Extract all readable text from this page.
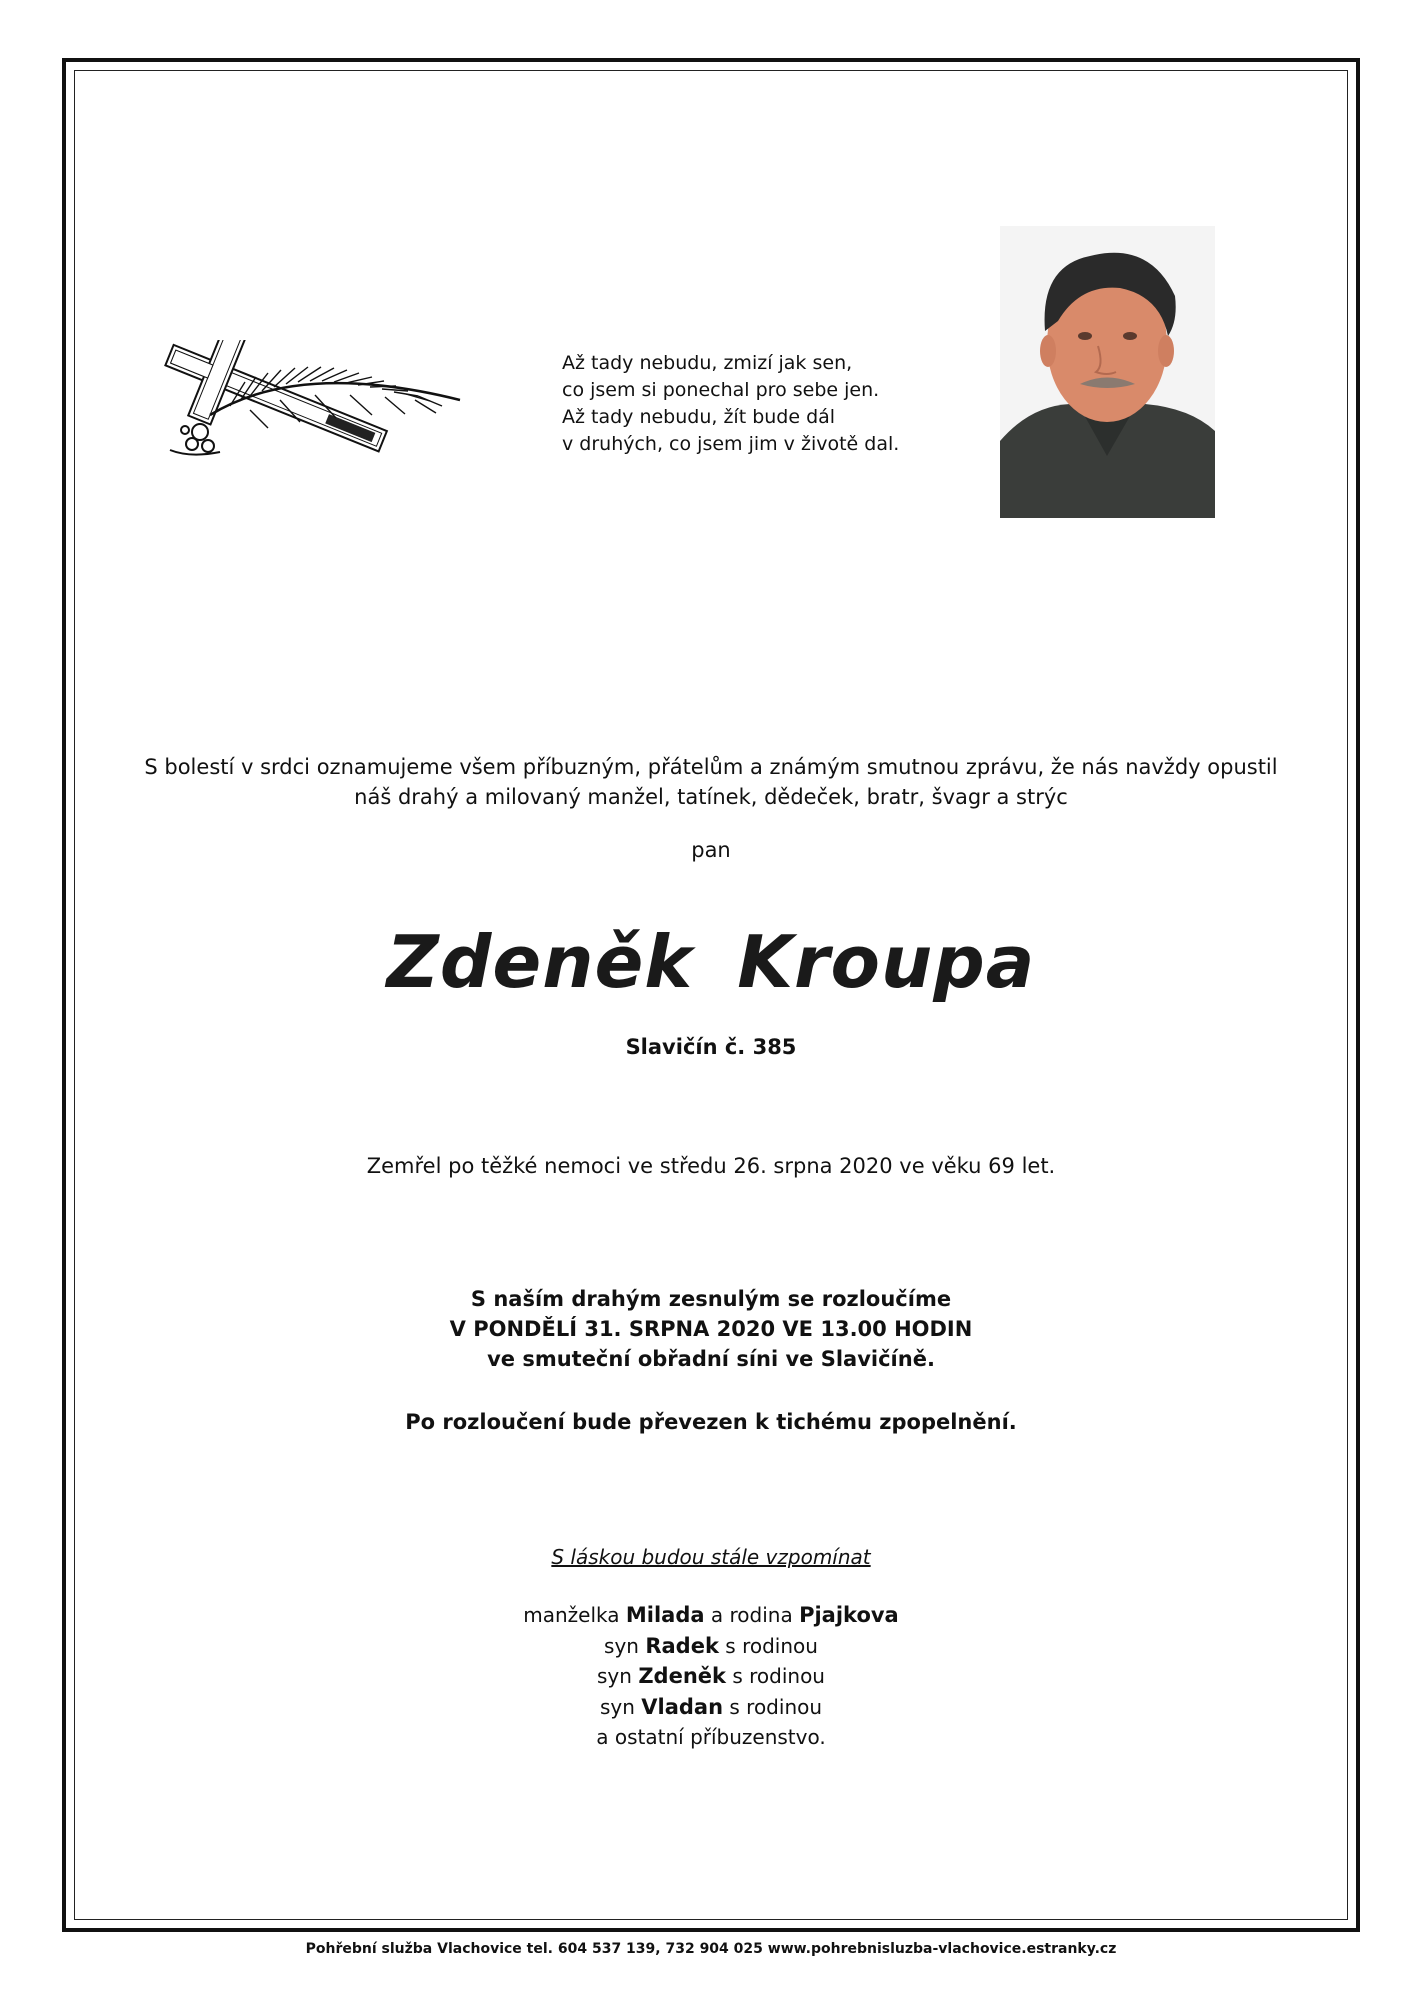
Až tady nebudu, zmizí jak sen,
co jsem si ponechal pro sebe jen.
Až tady nebudu, žít bude dál
v druhých, co jsem jim v životě dal.
S bolestí v srdci oznamujeme všem příbuzným, přátelům a známým smutnou zprávu, že nás navždy opustil
náš drahý a milovaný manžel, tatínek, dědeček, bratr, švagr a strýc
pan
Zdeněk Kroupa
Slavičín č. 385
Zemřel po těžké nemoci ve středu 26. srpna 2020 ve věku 69 let.
S naším drahým zesnulým se rozloučíme
V PONDĚLÍ 31. SRPNA 2020 VE 13.00 HODIN
ve smuteční obřadní síni ve Slavičíně.
Po rozloučení bude převezen k tichému zpopelnění.
S láskou budou stále vzpomínat
manželka Milada a rodina Pjajkova
syn Radek s rodinou
syn Zdeněk s rodinou
syn Vladan s rodinou
a ostatní příbuzenstvo.
Pohřební služba Vlachovice tel. 604 537 139, 732 904 025 www.pohrebnisluzba-vlachovice.estranky.cz
